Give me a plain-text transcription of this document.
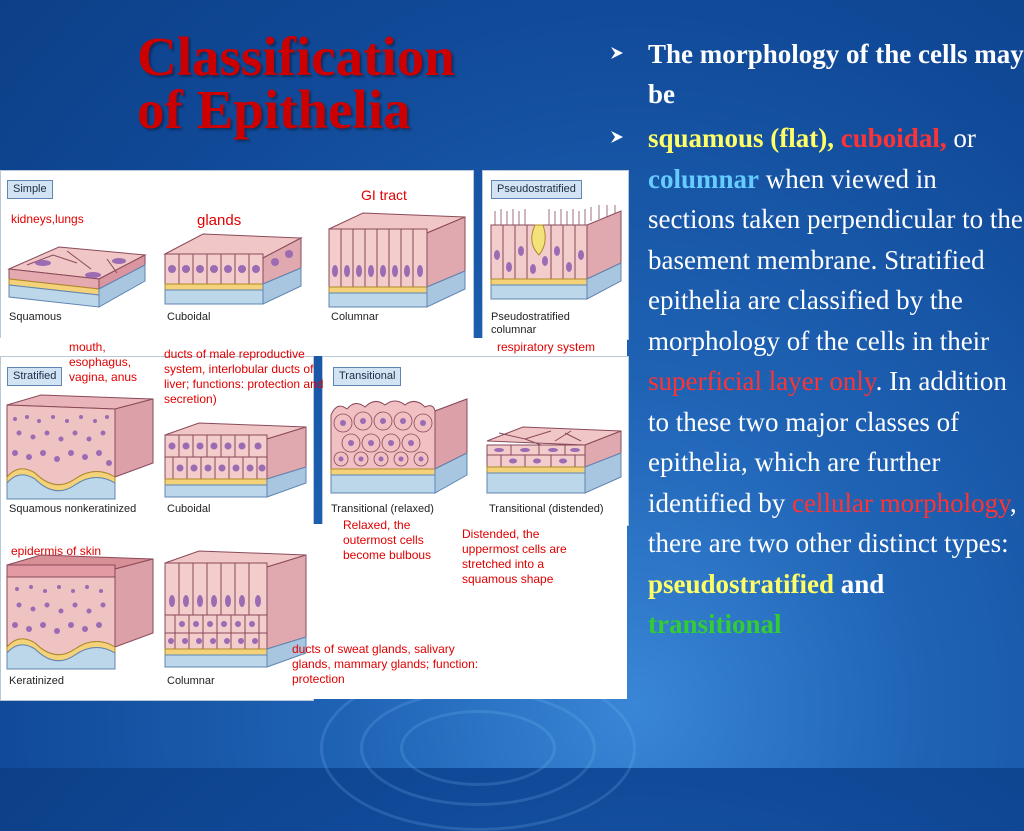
Classification
of Epithelia
The morphology of the cells may be
squamous (flat), cuboidal, or columnar when viewed in sections taken perpendicular to the basement membrane. Stratified epithelia are classified by the morphology of the cells in their superficial layer only. In addition to these two major classes of epithelia, which are further identified by cellular morphology, there are two other distinct types: pseudostratified and transitional
Simple
Squamous	Cuboidal	Columnar
Pseudostratified
Pseudostratified
columnar
Stratified
Squamous nonkeratinized	Cuboidal
Keratinized	Columnar
Transitional
Transitional (relaxed)	Transitional (distended)
kidneys,lungs	glands
GI tract
respiratory system
mouth, esophagus, vagina, anus
ducts of male reproductive system, interlobular ducts of liver; functions: protection and secretion)
Relaxed, the outermost cells become bulbous
Distended, the uppermost cells are stretched into a squamous shape
epidermis of skin
ducts of sweat glands, salivary glands, mammary glands; function: protection
